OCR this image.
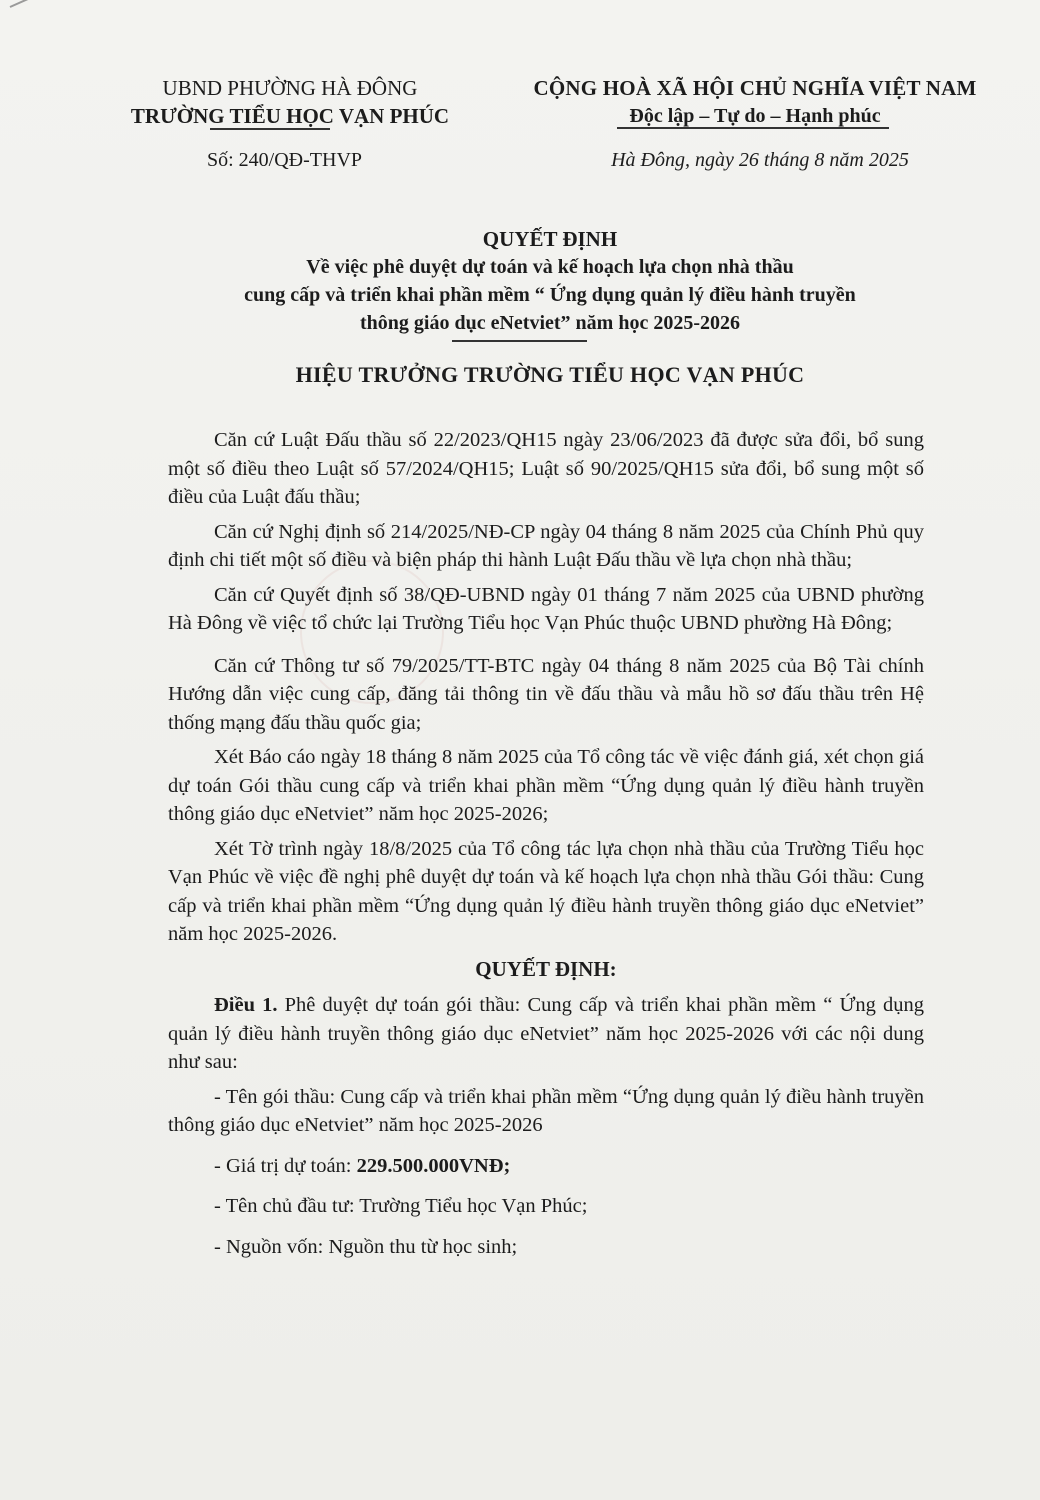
UBND PHƯỜNG HÀ ĐÔNG
TRƯỜNG TIỂU HỌC VẠN PHÚC
CỘNG HOÀ XÃ HỘI CHỦ NGHĨA VIỆT NAM
Độc lập – Tự do – Hạnh phúc
Số: 240/QĐ-THVP	Hà Đông, ngày 26 tháng 8 năm 2025
QUYẾT ĐỊNH
Về việc phê duyệt dự toán và kế hoạch lựa chọn nhà thầu
cung cấp và triển khai phần mềm “ Ứng dụng quản lý điều hành truyền
thông giáo dục eNetviet” năm học 2025-2026
HIỆU TRƯỞNG TRƯỜNG TIỂU HỌC VẠN PHÚC

Căn cứ Luật Đấu thầu số 22/2023/QH15 ngày 23/06/2023 đã được sửa đổi, bổ sung một số điều theo Luật số 57/2024/QH15; Luật số 90/2025/QH15 sửa đổi, bổ sung một số điều của Luật đấu thầu;

Căn cứ Nghị định số 214/2025/NĐ-CP ngày 04 tháng 8 năm 2025 của Chính Phủ quy định chi tiết một số điều và biện pháp thi hành Luật Đấu thầu về lựa chọn nhà thầu;

Căn cứ Quyết định số 38/QĐ-UBND ngày 01 tháng 7 năm 2025 của UBND phường Hà Đông về việc tổ chức lại Trường Tiểu học Vạn Phúc thuộc UBND phường Hà Đông;

Căn cứ Thông tư số 79/2025/TT-BTC ngày 04 tháng 8 năm 2025 của Bộ Tài chính Hướng dẫn việc cung cấp, đăng tải thông tin về đấu thầu và mẫu hồ sơ đấu thầu trên Hệ thống mạng đấu thầu quốc gia;

Xét Báo cáo ngày 18 tháng 8 năm 2025 của Tổ công tác về việc đánh giá, xét chọn giá dự toán Gói thầu cung cấp và triển khai phần mềm “Ứng dụng quản lý điều hành truyền thông giáo dục eNetviet” năm học 2025-2026;

Xét Tờ trình ngày 18/8/2025 của Tổ công tác lựa chọn nhà thầu của Trường Tiểu học Vạn Phúc về việc đề nghị phê duyệt dự toán và kế hoạch lựa chọn nhà thầu Gói thầu: Cung cấp và triển khai phần mềm “Ứng dụng quản lý điều hành truyền thông giáo dục eNetviet” năm học 2025-2026.

QUYẾT ĐỊNH:

Điều 1. Phê duyệt dự toán gói thầu: Cung cấp và triển khai phần mềm “ Ứng dụng quản lý điều hành truyền thông giáo dục eNetviet” năm học 2025-2026 với các nội dung như sau:

- Tên gói thầu: Cung cấp và triển khai phần mềm “Ứng dụng quản lý điều hành truyền thông giáo dục eNetviet” năm học 2025-2026

- Giá trị dự toán: 229.500.000VNĐ;

- Tên chủ đầu tư: Trường Tiểu học Vạn Phúc;

- Nguồn vốn: Nguồn thu từ học sinh;
